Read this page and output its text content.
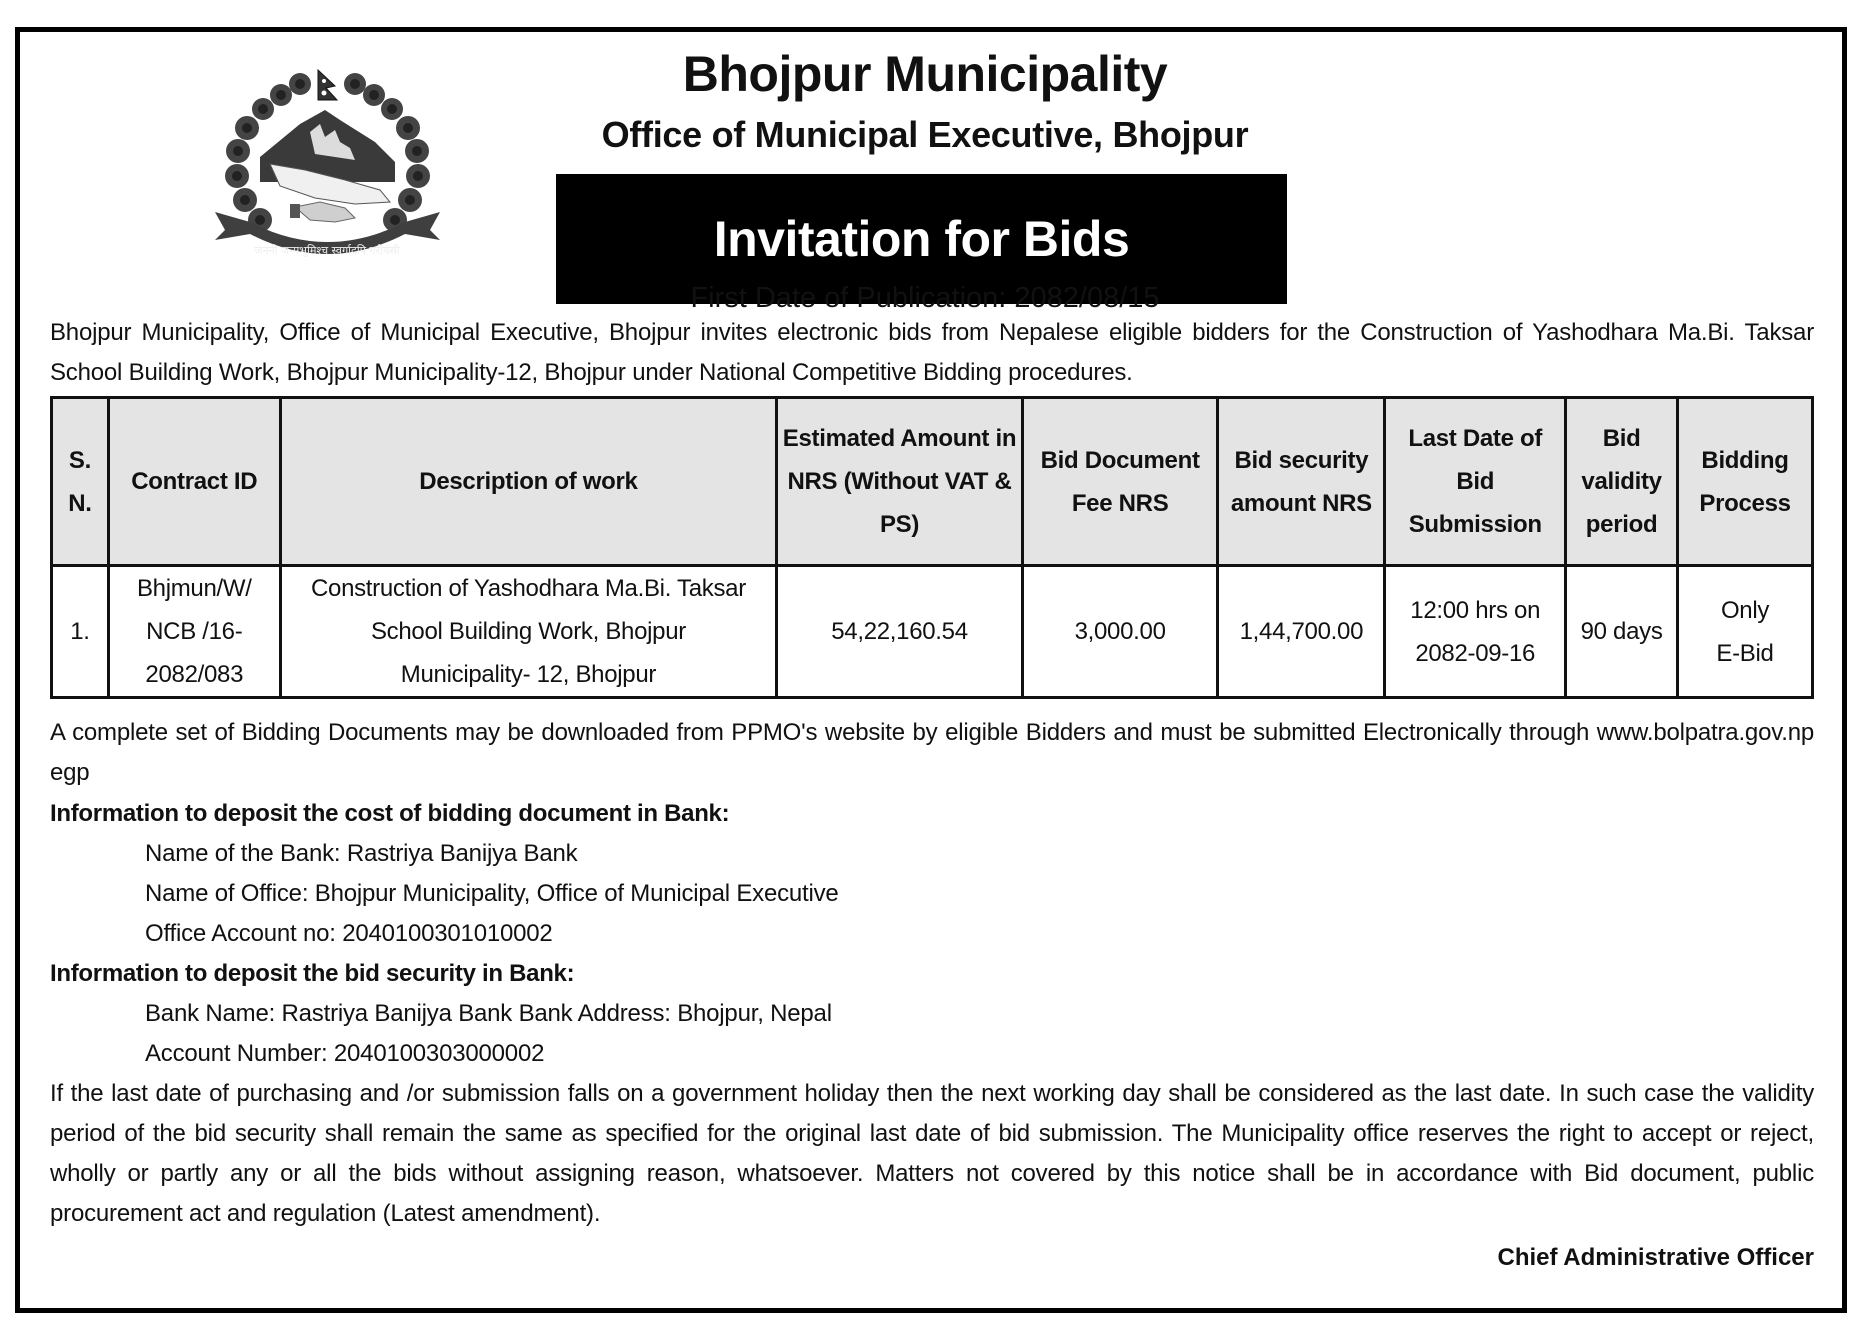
जननी जन्मभूमिश्च स्वर्गादपि गरीयसी
Bhojpur Municipality
Office of Municipal Executive, Bhojpur
Invitation for Bids
First Date of Publication: 2082/08/15
Bhojpur Municipality, Office of Municipal Executive, Bhojpur invites electronic bids from Nepalese eligible bidders for the Construction of Yashodhara Ma.Bi. Taksar School Building Work, Bhojpur Municipality-12, Bhojpur under National Competitive Bidding procedures.
S. N.	Contract ID	Description of work	Estimated Amount in NRS (Without VAT & PS)	Bid Document Fee NRS	Bid security amount NRS	Last Date of Bid Submission	Bid validity period	Bidding Process
1.	Bhjmun/W/ NCB /16-2082/083	Construction of Yashodhara Ma.Bi. Taksar School Building Work, Bhojpur Municipality- 12, Bhojpur	54,22,160.54	3,000.00	1,44,700.00	12:00 hrs on 2082-09-16	90 days	Only E-Bid
A complete set of Bidding Documents may be downloaded from PPMO's website by eligible Bidders and must be submitted Electronically through www.bolpatra.gov.np egp
Information to deposit the cost of bidding document in Bank:
Name of the Bank: Rastriya Banijya Bank
Name of Office: Bhojpur Municipality, Office of Municipal Executive
Office Account no: 2040100301010002
Information to deposit the bid security in Bank:
Bank Name: Rastriya Banijya Bank Bank Address: Bhojpur, Nepal
Account Number: 2040100303000002
If the last date of purchasing and /or submission falls on a government holiday then the next working day shall be considered as the last date. In such case the validity period of the bid security shall remain the same as specified for the original last date of bid submission. The Municipality office reserves the right to accept or reject, wholly or partly any or all the bids without assigning reason, whatsoever. Matters not covered by this notice shall be in accordance with Bid document, public procurement act and regulation (Latest amendment).
Chief Administrative Officer
